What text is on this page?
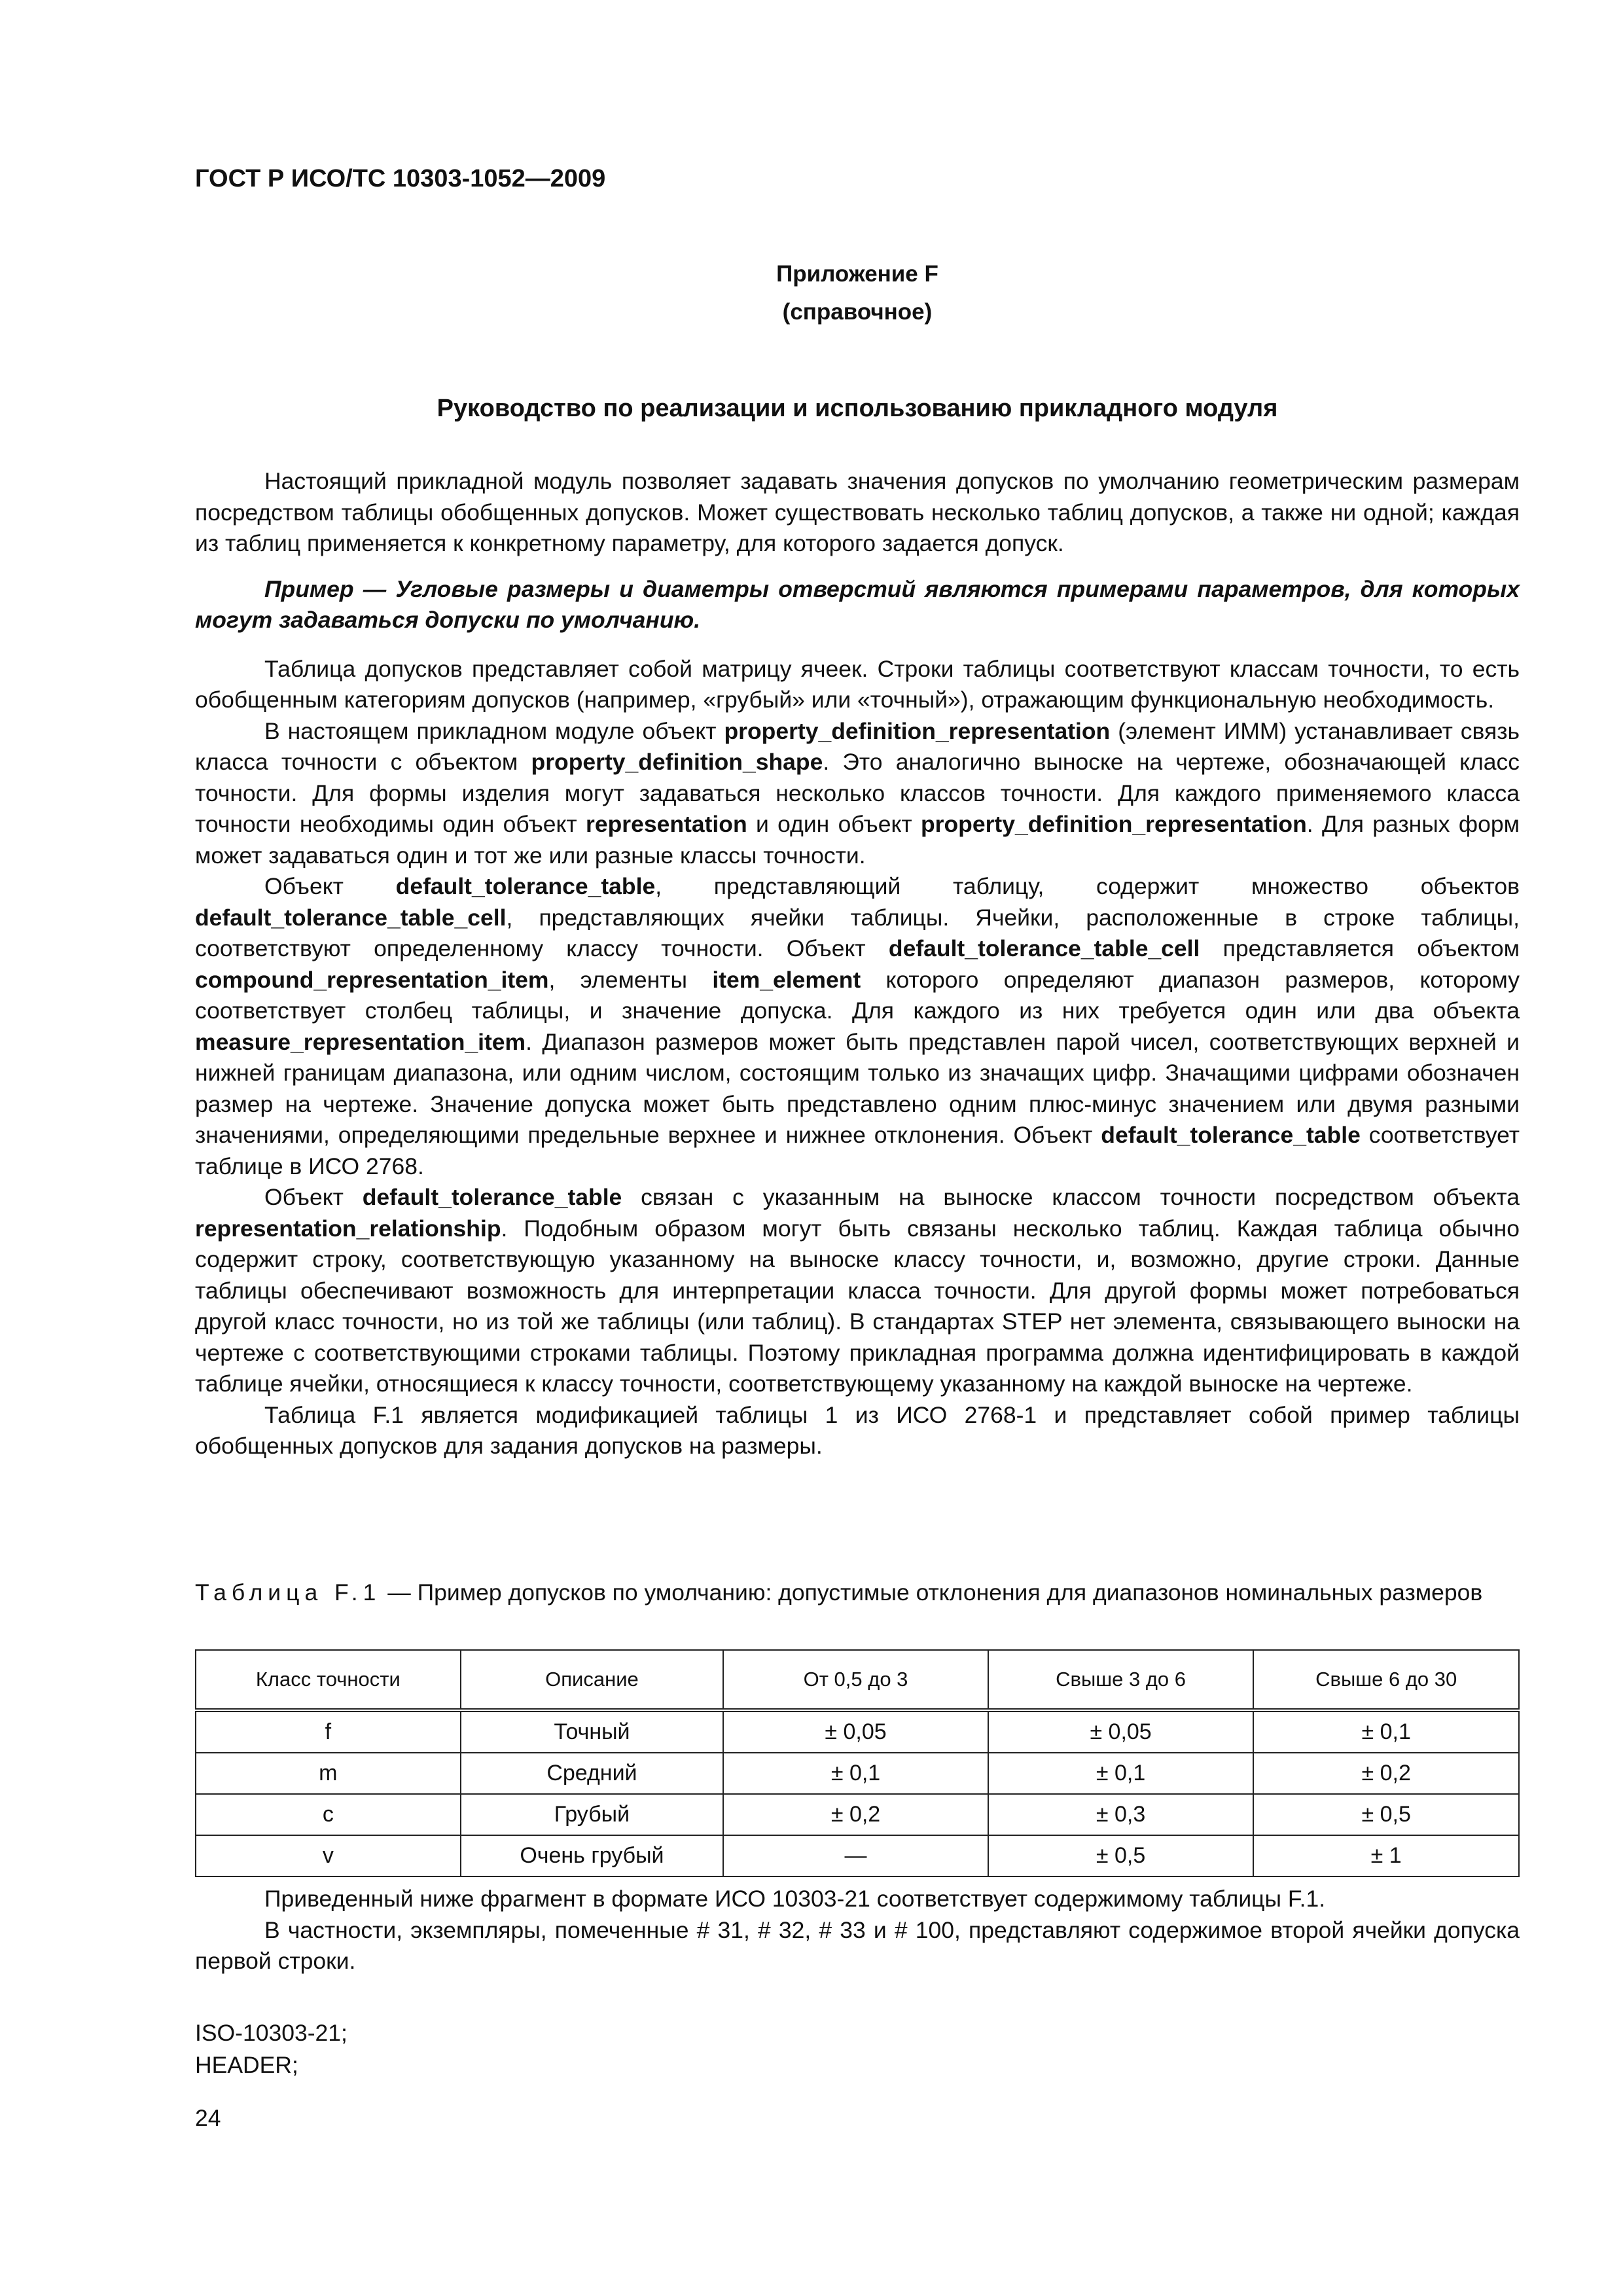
ГОСТ Р ИСО/ТС 10303-1052—2009
Приложение F
(справочное)
Руководство по реализации и использованию прикладного модуля

Настоящий прикладной модуль позволяет задавать значения допусков по умолчанию геометрическим размерам посредством таблицы обобщенных допусков. Может существовать несколько таблиц допусков, а также ни одной; каждая из таблиц применяется к конкретному параметру, для которого задается допуск.

Пример — Угловые размеры и диаметры отверстий являются примерами параметров, для которых могут задаваться допуски по умолчанию.

Таблица допусков представляет собой матрицу ячеек. Строки таблицы соответствуют классам точности, то есть обобщенным категориям допусков (например, «грубый» или «точный»), отражающим функциональную необходимость.

В настоящем прикладном модуле объект property_definition_representation (элемент ИММ) устанавливает связь класса точности с объектом property_definition_shape. Это аналогично выноске на чертеже, обозначающей класс точности. Для формы изделия могут задаваться несколько классов точности. Для каждого применяемого класса точности необходимы один объект representation и один объект property_definition_representation. Для разных форм может задаваться один и тот же или разные классы точности.

Объект default_tolerance_table, представляющий таблицу, содержит множество объектов default_tolerance_table_cell, представляющих ячейки таблицы. Ячейки, расположенные в строке таблицы, соответствуют определенному классу точности. Объект default_tolerance_table_cell представляется объектом compound_representation_item, элементы item_element которого определяют диапазон размеров, которому соответствует столбец таблицы, и значение допуска. Для каждого из них требуется один или два объекта measure_representation_item. Диапазон размеров может быть представлен парой чисел, соответствующих верхней и нижней границам диапазона, или одним числом, состоящим только из значащих цифр. Значащими цифрами обозначен размер на чертеже. Значение допуска может быть представлено одним плюс-минус значением или двумя разными значениями, определяющими предельные верхнее и нижнее отклонения. Объект default_tolerance_table соответствует таблице в ИСО 2768.

Объект default_tolerance_table связан с указанным на выноске классом точности посредством объекта representation_relationship. Подобным образом могут быть связаны несколько таблиц. Каждая таблица обычно содержит строку, соответствующую указанному на выноске классу точности, и, возможно, другие строки. Данные таблицы обеспечивают возможность для интерпретации класса точности. Для другой формы может потребоваться другой класс точности, но из той же таблицы (или таблиц). В стандартах STEP нет элемента, связывающего выноски на чертеже с соответствующими строками таблицы. Поэтому прикладная программа должна идентифицировать в каждой таблице ячейки, относящиеся к классу точности, соответствующему указанному на каждой выноске на чертеже.

Таблица F.1 является модификацией таблицы 1 из ИСО 2768-1 и представляет собой пример таблицы обобщенных допусков для задания допусков на размеры.

Таблица F.1 — Пример допусков по умолчанию: допустимые отклонения для диапазонов номинальных размеров
Класс точности	Описание	От 0,5 до 3	Свыше 3 до 6	Свыше 6 до 30
f	Точный	± 0,05	± 0,05	± 0,1
m	Средний	± 0,1	± 0,1	± 0,2
c	Грубый	± 0,2	± 0,3	± 0,5
v	Очень грубый	—	± 0,5	± 1

Приведенный ниже фрагмент в формате ИСО 10303-21 соответствует содержимому таблицы F.1.

В частности, экземпляры, помеченные # 31, # 32, # 33 и # 100, представляют содержимое второй ячейки допуска первой строки.

ISO-10303-21;
HEADER;
24
